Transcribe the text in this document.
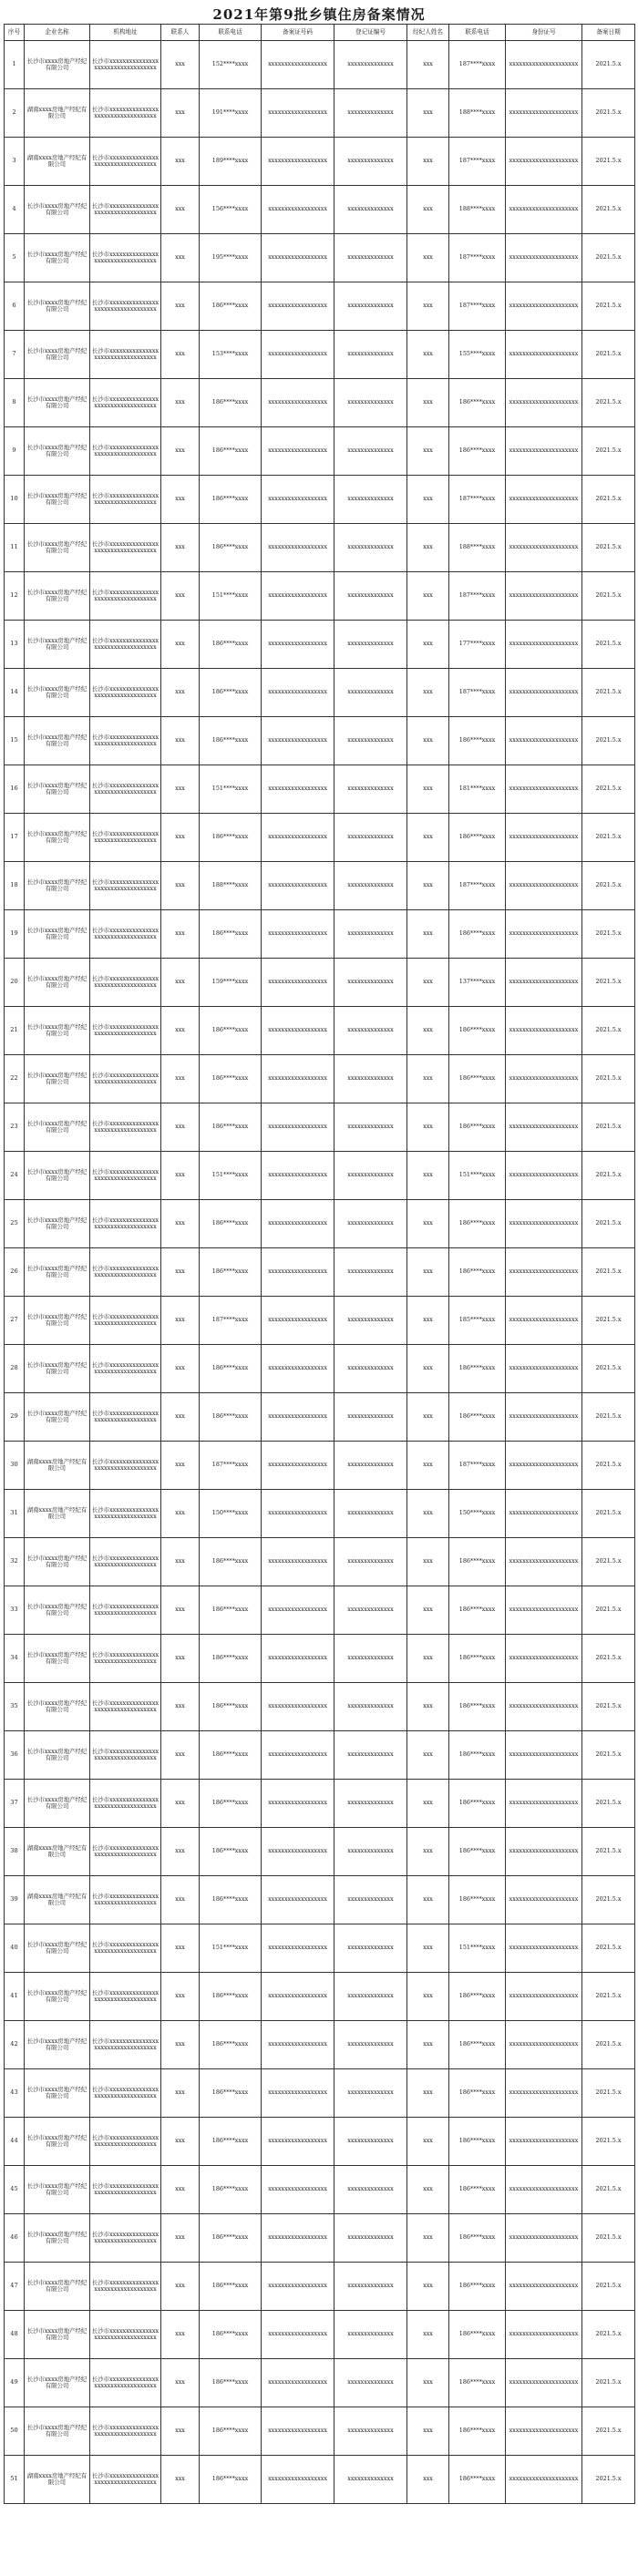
2021年第9批乡镇住房备案情况
序号	企业名称	机构地址	联系人	联系电话	备案证号码	登记证编号	经纪人姓名	联系电话	身份证号	备案日期
1	长沙市xxxx房地产经纪有限公司	长沙市xxxxxxxxxxxxxxxxxxxxxxxxxxxxxxxxxx	xxx	152****xxxx	xxxxxxxxxxxxxxxxxx	xxxxxxxxxxxxxx	xxx	187****xxxx	xxxxxxxxxxxxxxxxxxxxx	2021.5.x
2	湖南xxxx房地产经纪有限公司	长沙市xxxxxxxxxxxxxxxxxxxxxxxxxxxxxxxxxx	xxx	191****xxxx	xxxxxxxxxxxxxxxxxx	xxxxxxxxxxxxxx	xxx	188****xxxx	xxxxxxxxxxxxxxxxxxxxx	2021.5.x
3	湖南xxxx房地产经纪有限公司	长沙市xxxxxxxxxxxxxxxxxxxxxxxxxxxxxxxxxx	xxx	189****xxxx	xxxxxxxxxxxxxxxxxx	xxxxxxxxxxxxxx	xxx	187****xxxx	xxxxxxxxxxxxxxxxxxxxx	2021.5.x
4	长沙市xxxx房地产经纪有限公司	长沙市xxxxxxxxxxxxxxxxxxxxxxxxxxxxxxxxxx	xxx	156****xxxx	xxxxxxxxxxxxxxxxxx	xxxxxxxxxxxxxx	xxx	188****xxxx	xxxxxxxxxxxxxxxxxxxxx	2021.5.x
5	长沙市xxxx房地产经纪有限公司	长沙市xxxxxxxxxxxxxxxxxxxxxxxxxxxxxxxxxx	xxx	195****xxxx	xxxxxxxxxxxxxxxxxx	xxxxxxxxxxxxxx	xxx	187****xxxx	xxxxxxxxxxxxxxxxxxxxx	2021.5.x
6	长沙市xxxx房地产经纪有限公司	长沙市xxxxxxxxxxxxxxxxxxxxxxxxxxxxxxxxxx	xxx	186****xxxx	xxxxxxxxxxxxxxxxxx	xxxxxxxxxxxxxx	xxx	187****xxxx	xxxxxxxxxxxxxxxxxxxxx	2021.5.x
7	长沙市xxxx房地产经纪有限公司	长沙市xxxxxxxxxxxxxxxxxxxxxxxxxxxxxxxxxx	xxx	153****xxxx	xxxxxxxxxxxxxxxxxx	xxxxxxxxxxxxxx	xxx	155****xxxx	xxxxxxxxxxxxxxxxxxxxx	2021.5.x
8	长沙市xxxx房地产经纪有限公司	长沙市xxxxxxxxxxxxxxxxxxxxxxxxxxxxxxxxxx	xxx	186****xxxx	xxxxxxxxxxxxxxxxxx	xxxxxxxxxxxxxx	xxx	186****xxxx	xxxxxxxxxxxxxxxxxxxxx	2021.5.x
9	长沙市xxxx房地产经纪有限公司	长沙市xxxxxxxxxxxxxxxxxxxxxxxxxxxxxxxxxx	xxx	186****xxxx	xxxxxxxxxxxxxxxxxx	xxxxxxxxxxxxxx	xxx	186****xxxx	xxxxxxxxxxxxxxxxxxxxx	2021.5.x
10	长沙市xxxx房地产经纪有限公司	长沙市xxxxxxxxxxxxxxxxxxxxxxxxxxxxxxxxxx	xxx	186****xxxx	xxxxxxxxxxxxxxxxxx	xxxxxxxxxxxxxx	xxx	187****xxxx	xxxxxxxxxxxxxxxxxxxxx	2021.5.x
11	长沙市xxxx房地产经纪有限公司	长沙市xxxxxxxxxxxxxxxxxxxxxxxxxxxxxxxxxx	xxx	186****xxxx	xxxxxxxxxxxxxxxxxx	xxxxxxxxxxxxxx	xxx	188****xxxx	xxxxxxxxxxxxxxxxxxxxx	2021.5.x
12	长沙市xxxx房地产经纪有限公司	长沙市xxxxxxxxxxxxxxxxxxxxxxxxxxxxxxxxxx	xxx	151****xxxx	xxxxxxxxxxxxxxxxxx	xxxxxxxxxxxxxx	xxx	187****xxxx	xxxxxxxxxxxxxxxxxxxxx	2021.5.x
13	长沙市xxxx房地产经纪有限公司	长沙市xxxxxxxxxxxxxxxxxxxxxxxxxxxxxxxxxx	xxx	186****xxxx	xxxxxxxxxxxxxxxxxx	xxxxxxxxxxxxxx	xxx	177****xxxx	xxxxxxxxxxxxxxxxxxxxx	2021.5.x
14	长沙市xxxx房地产经纪有限公司	长沙市xxxxxxxxxxxxxxxxxxxxxxxxxxxxxxxxxx	xxx	186****xxxx	xxxxxxxxxxxxxxxxxx	xxxxxxxxxxxxxx	xxx	187****xxxx	xxxxxxxxxxxxxxxxxxxxx	2021.5.x
15	长沙市xxxx房地产经纪有限公司	长沙市xxxxxxxxxxxxxxxxxxxxxxxxxxxxxxxxxx	xxx	186****xxxx	xxxxxxxxxxxxxxxxxx	xxxxxxxxxxxxxx	xxx	186****xxxx	xxxxxxxxxxxxxxxxxxxxx	2021.5.x
16	长沙市xxxx房地产经纪有限公司	长沙市xxxxxxxxxxxxxxxxxxxxxxxxxxxxxxxxxx	xxx	151****xxxx	xxxxxxxxxxxxxxxxxx	xxxxxxxxxxxxxx	xxx	181****xxxx	xxxxxxxxxxxxxxxxxxxxx	2021.5.x
17	长沙市xxxx房地产经纪有限公司	长沙市xxxxxxxxxxxxxxxxxxxxxxxxxxxxxxxxxx	xxx	186****xxxx	xxxxxxxxxxxxxxxxxx	xxxxxxxxxxxxxx	xxx	186****xxxx	xxxxxxxxxxxxxxxxxxxxx	2021.5.x
18	长沙市xxxx房地产经纪有限公司	长沙市xxxxxxxxxxxxxxxxxxxxxxxxxxxxxxxxxx	xxx	188****xxxx	xxxxxxxxxxxxxxxxxx	xxxxxxxxxxxxxx	xxx	187****xxxx	xxxxxxxxxxxxxxxxxxxxx	2021.5.x
19	长沙市xxxx房地产经纪有限公司	长沙市xxxxxxxxxxxxxxxxxxxxxxxxxxxxxxxxxx	xxx	186****xxxx	xxxxxxxxxxxxxxxxxx	xxxxxxxxxxxxxx	xxx	186****xxxx	xxxxxxxxxxxxxxxxxxxxx	2021.5.x
20	长沙市xxxx房地产经纪有限公司	长沙市xxxxxxxxxxxxxxxxxxxxxxxxxxxxxxxxxx	xxx	159****xxxx	xxxxxxxxxxxxxxxxxx	xxxxxxxxxxxxxx	xxx	137****xxxx	xxxxxxxxxxxxxxxxxxxxx	2021.5.x
21	长沙市xxxx房地产经纪有限公司	长沙市xxxxxxxxxxxxxxxxxxxxxxxxxxxxxxxxxx	xxx	186****xxxx	xxxxxxxxxxxxxxxxxx	xxxxxxxxxxxxxx	xxx	186****xxxx	xxxxxxxxxxxxxxxxxxxxx	2021.5.x
22	长沙市xxxx房地产经纪有限公司	长沙市xxxxxxxxxxxxxxxxxxxxxxxxxxxxxxxxxx	xxx	186****xxxx	xxxxxxxxxxxxxxxxxx	xxxxxxxxxxxxxx	xxx	186****xxxx	xxxxxxxxxxxxxxxxxxxxx	2021.5.x
23	长沙市xxxx房地产经纪有限公司	长沙市xxxxxxxxxxxxxxxxxxxxxxxxxxxxxxxxxx	xxx	186****xxxx	xxxxxxxxxxxxxxxxxx	xxxxxxxxxxxxxx	xxx	186****xxxx	xxxxxxxxxxxxxxxxxxxxx	2021.5.x
24	长沙市xxxx房地产经纪有限公司	长沙市xxxxxxxxxxxxxxxxxxxxxxxxxxxxxxxxxx	xxx	151****xxxx	xxxxxxxxxxxxxxxxxx	xxxxxxxxxxxxxx	xxx	151****xxxx	xxxxxxxxxxxxxxxxxxxxx	2021.5.x
25	长沙市xxxx房地产经纪有限公司	长沙市xxxxxxxxxxxxxxxxxxxxxxxxxxxxxxxxxx	xxx	186****xxxx	xxxxxxxxxxxxxxxxxx	xxxxxxxxxxxxxx	xxx	186****xxxx	xxxxxxxxxxxxxxxxxxxxx	2021.5.x
26	长沙市xxxx房地产经纪有限公司	长沙市xxxxxxxxxxxxxxxxxxxxxxxxxxxxxxxxxx	xxx	186****xxxx	xxxxxxxxxxxxxxxxxx	xxxxxxxxxxxxxx	xxx	186****xxxx	xxxxxxxxxxxxxxxxxxxxx	2021.5.x
27	长沙市xxxx房地产经纪有限公司	长沙市xxxxxxxxxxxxxxxxxxxxxxxxxxxxxxxxxx	xxx	187****xxxx	xxxxxxxxxxxxxxxxxx	xxxxxxxxxxxxxx	xxx	185****xxxx	xxxxxxxxxxxxxxxxxxxxx	2021.5.x
28	长沙市xxxx房地产经纪有限公司	长沙市xxxxxxxxxxxxxxxxxxxxxxxxxxxxxxxxxx	xxx	186****xxxx	xxxxxxxxxxxxxxxxxx	xxxxxxxxxxxxxx	xxx	186****xxxx	xxxxxxxxxxxxxxxxxxxxx	2021.5.x
29	长沙市xxxx房地产经纪有限公司	长沙市xxxxxxxxxxxxxxxxxxxxxxxxxxxxxxxxxx	xxx	186****xxxx	xxxxxxxxxxxxxxxxxx	xxxxxxxxxxxxxx	xxx	186****xxxx	xxxxxxxxxxxxxxxxxxxxx	2021.5.x
30	湖南xxxx房地产经纪有限公司	长沙市xxxxxxxxxxxxxxxxxxxxxxxxxxxxxxxxxx	xxx	187****xxxx	xxxxxxxxxxxxxxxxxx	xxxxxxxxxxxxxx	xxx	187****xxxx	xxxxxxxxxxxxxxxxxxxxx	2021.5.x
31	湖南xxxx房地产经纪有限公司	长沙市xxxxxxxxxxxxxxxxxxxxxxxxxxxxxxxxxx	xxx	150****xxxx	xxxxxxxxxxxxxxxxxx	xxxxxxxxxxxxxx	xxx	150****xxxx	xxxxxxxxxxxxxxxxxxxxx	2021.5.x
32	长沙市xxxx房地产经纪有限公司	长沙市xxxxxxxxxxxxxxxxxxxxxxxxxxxxxxxxxx	xxx	186****xxxx	xxxxxxxxxxxxxxxxxx	xxxxxxxxxxxxxx	xxx	186****xxxx	xxxxxxxxxxxxxxxxxxxxx	2021.5.x
33	长沙市xxxx房地产经纪有限公司	长沙市xxxxxxxxxxxxxxxxxxxxxxxxxxxxxxxxxx	xxx	186****xxxx	xxxxxxxxxxxxxxxxxx	xxxxxxxxxxxxxx	xxx	186****xxxx	xxxxxxxxxxxxxxxxxxxxx	2021.5.x
34	长沙市xxxx房地产经纪有限公司	长沙市xxxxxxxxxxxxxxxxxxxxxxxxxxxxxxxxxx	xxx	186****xxxx	xxxxxxxxxxxxxxxxxx	xxxxxxxxxxxxxx	xxx	186****xxxx	xxxxxxxxxxxxxxxxxxxxx	2021.5.x
35	长沙市xxxx房地产经纪有限公司	长沙市xxxxxxxxxxxxxxxxxxxxxxxxxxxxxxxxxx	xxx	186****xxxx	xxxxxxxxxxxxxxxxxx	xxxxxxxxxxxxxx	xxx	186****xxxx	xxxxxxxxxxxxxxxxxxxxx	2021.5.x
36	长沙市xxxx房地产经纪有限公司	长沙市xxxxxxxxxxxxxxxxxxxxxxxxxxxxxxxxxx	xxx	186****xxxx	xxxxxxxxxxxxxxxxxx	xxxxxxxxxxxxxx	xxx	186****xxxx	xxxxxxxxxxxxxxxxxxxxx	2021.5.x
37	长沙市xxxx房地产经纪有限公司	长沙市xxxxxxxxxxxxxxxxxxxxxxxxxxxxxxxxxx	xxx	186****xxxx	xxxxxxxxxxxxxxxxxx	xxxxxxxxxxxxxx	xxx	186****xxxx	xxxxxxxxxxxxxxxxxxxxx	2021.5.x
38	湖南xxxx房地产经纪有限公司	长沙市xxxxxxxxxxxxxxxxxxxxxxxxxxxxxxxxxx	xxx	186****xxxx	xxxxxxxxxxxxxxxxxx	xxxxxxxxxxxxxx	xxx	186****xxxx	xxxxxxxxxxxxxxxxxxxxx	2021.5.x
39	湖南xxxx房地产经纪有限公司	长沙市xxxxxxxxxxxxxxxxxxxxxxxxxxxxxxxxxx	xxx	186****xxxx	xxxxxxxxxxxxxxxxxx	xxxxxxxxxxxxxx	xxx	186****xxxx	xxxxxxxxxxxxxxxxxxxxx	2021.5.x
40	长沙市xxxx房地产经纪有限公司	长沙市xxxxxxxxxxxxxxxxxxxxxxxxxxxxxxxxxx	xxx	151****xxxx	xxxxxxxxxxxxxxxxxx	xxxxxxxxxxxxxx	xxx	151****xxxx	xxxxxxxxxxxxxxxxxxxxx	2021.5.x
41	长沙市xxxx房地产经纪有限公司	长沙市xxxxxxxxxxxxxxxxxxxxxxxxxxxxxxxxxx	xxx	186****xxxx	xxxxxxxxxxxxxxxxxx	xxxxxxxxxxxxxx	xxx	186****xxxx	xxxxxxxxxxxxxxxxxxxxx	2021.5.x
42	长沙市xxxx房地产经纪有限公司	长沙市xxxxxxxxxxxxxxxxxxxxxxxxxxxxxxxxxx	xxx	186****xxxx	xxxxxxxxxxxxxxxxxx	xxxxxxxxxxxxxx	xxx	186****xxxx	xxxxxxxxxxxxxxxxxxxxx	2021.5.x
43	长沙市xxxx房地产经纪有限公司	长沙市xxxxxxxxxxxxxxxxxxxxxxxxxxxxxxxxxx	xxx	186****xxxx	xxxxxxxxxxxxxxxxxx	xxxxxxxxxxxxxx	xxx	186****xxxx	xxxxxxxxxxxxxxxxxxxxx	2021.5.x
44	长沙市xxxx房地产经纪有限公司	长沙市xxxxxxxxxxxxxxxxxxxxxxxxxxxxxxxxxx	xxx	186****xxxx	xxxxxxxxxxxxxxxxxx	xxxxxxxxxxxxxx	xxx	186****xxxx	xxxxxxxxxxxxxxxxxxxxx	2021.5.x
45	长沙市xxxx房地产经纪有限公司	长沙市xxxxxxxxxxxxxxxxxxxxxxxxxxxxxxxxxx	xxx	186****xxxx	xxxxxxxxxxxxxxxxxx	xxxxxxxxxxxxxx	xxx	186****xxxx	xxxxxxxxxxxxxxxxxxxxx	2021.5.x
46	长沙市xxxx房地产经纪有限公司	长沙市xxxxxxxxxxxxxxxxxxxxxxxxxxxxxxxxxx	xxx	186****xxxx	xxxxxxxxxxxxxxxxxx	xxxxxxxxxxxxxx	xxx	186****xxxx	xxxxxxxxxxxxxxxxxxxxx	2021.5.x
47	长沙市xxxx房地产经纪有限公司	长沙市xxxxxxxxxxxxxxxxxxxxxxxxxxxxxxxxxx	xxx	186****xxxx	xxxxxxxxxxxxxxxxxx	xxxxxxxxxxxxxx	xxx	186****xxxx	xxxxxxxxxxxxxxxxxxxxx	2021.5.x
48	长沙市xxxx房地产经纪有限公司	长沙市xxxxxxxxxxxxxxxxxxxxxxxxxxxxxxxxxx	xxx	186****xxxx	xxxxxxxxxxxxxxxxxx	xxxxxxxxxxxxxx	xxx	186****xxxx	xxxxxxxxxxxxxxxxxxxxx	2021.5.x
49	长沙市xxxx房地产经纪有限公司	长沙市xxxxxxxxxxxxxxxxxxxxxxxxxxxxxxxxxx	xxx	186****xxxx	xxxxxxxxxxxxxxxxxx	xxxxxxxxxxxxxx	xxx	186****xxxx	xxxxxxxxxxxxxxxxxxxxx	2021.5.x
50	长沙市xxxx房地产经纪有限公司	长沙市xxxxxxxxxxxxxxxxxxxxxxxxxxxxxxxxxx	xxx	186****xxxx	xxxxxxxxxxxxxxxxxx	xxxxxxxxxxxxxx	xxx	186****xxxx	xxxxxxxxxxxxxxxxxxxxx	2021.5.x
51	湖南xxxx房地产经纪有限公司	长沙市xxxxxxxxxxxxxxxxxxxxxxxxxxxxxxxxxx	xxx	186****xxxx	xxxxxxxxxxxxxxxxxx	xxxxxxxxxxxxxx	xxx	186****xxxx	xxxxxxxxxxxxxxxxxxxxx	2021.5.x
